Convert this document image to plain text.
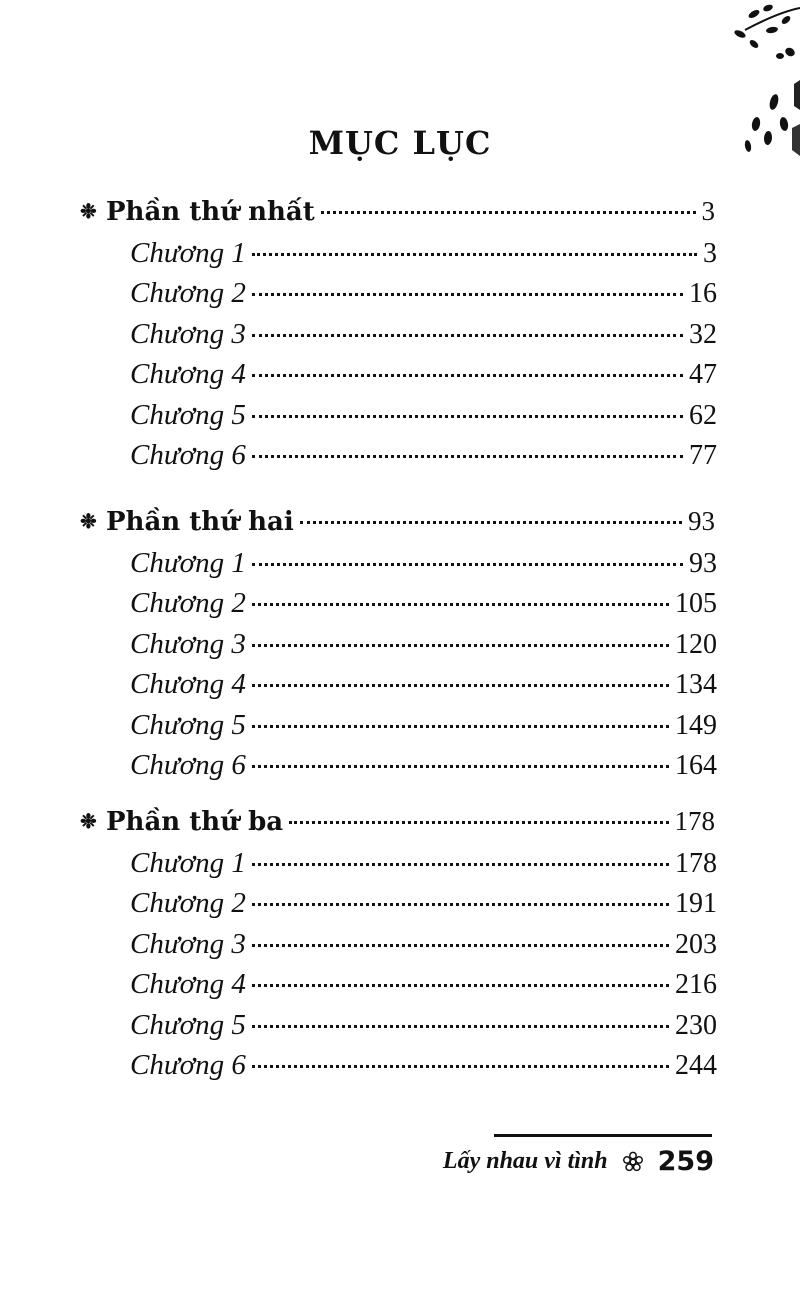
MỤC LỤC
❉ Phần thứ nhất	3
Chương 1	3
Chương 2	16
Chương 3	32
Chương 4	47
Chương 5	62
Chương 6	77
❉ Phần thứ hai	93
Chương 1	93
Chương 2	105
Chương 3	120
Chương 4	134
Chương 5	149
Chương 6	164
❉ Phần thứ ba	178
Chương 1	178
Chương 2	191
Chương 3	203
Chương 4	216
Chương 5	230
Chương 6	244
Lấy nhau vì tình 259
